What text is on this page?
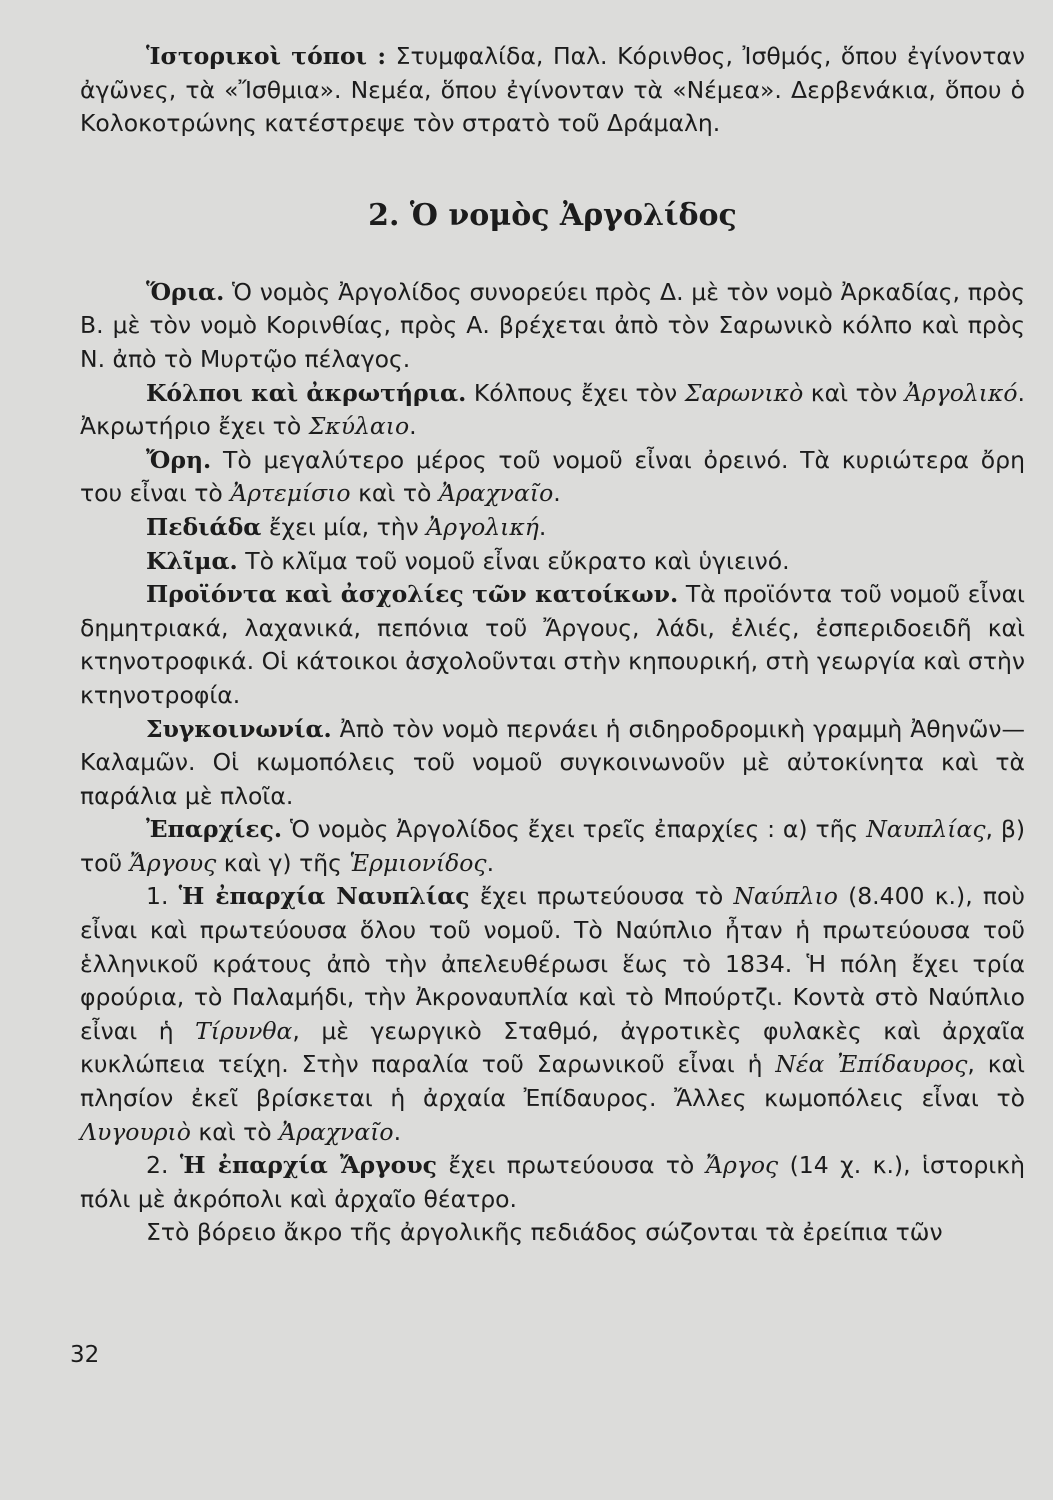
Ἱστορικοὶ τόποι : Στυμφαλίδα, Παλ. Κόρινθος, Ἰσθμός, ὅπου ἐγίνονταν ἀγῶνες, τὰ «Ἴσθμια». Νεμέα, ὅπου ἐγίνονταν τὰ «Νέμεα». Δερβενάκια, ὅπου ὁ Κολοκοτρώνης κατέστρεψε τὸν στρατὸ τοῦ Δράμαλη.

2. Ὁ νομὸς Ἀργολίδος

Ὅρια. Ὁ νομὸς Ἀργολίδος συνορεύει πρὸς Δ. μὲ τὸν νομὸ Ἀρκαδίας, πρὸς Β. μὲ τὸν νομὸ Κορινθίας, πρὸς Α. βρέχεται ἀπὸ τὸν Σαρωνικὸ κόλπο καὶ πρὸς Ν. ἀπὸ τὸ Μυρτῷο πέλαγος.

Κόλποι καὶ ἀκρωτήρια. Κόλπους ἔχει τὸν Σαρωνικὸ καὶ τὸν Ἀργολικό. Ἀκρωτήριο ἔχει τὸ Σκύλαιο.

Ὄρη. Τὸ μεγαλύτερο μέρος τοῦ νομοῦ εἶναι ὀρεινό. Τὰ κυριώτερα ὄρη του εἶναι τὸ Ἀρτεμίσιο καὶ τὸ Ἀραχναῖο.

Πεδιάδα ἔχει μία, τὴν Ἀργολική.

Κλῖμα. Τὸ κλῖμα τοῦ νομοῦ εἶναι εὔκρατο καὶ ὑγιεινό.

Προϊόντα καὶ ἀσχολίες τῶν κατοίκων. Τὰ προϊόντα τοῦ νομοῦ εἶναι δημητριακά, λαχανικά, πεπόνια τοῦ Ἄργους, λάδι, ἐλιές, ἐσπεριδοειδῆ καὶ κτηνοτροφικά. Οἱ κάτοικοι ἀσχολοῦνται στὴν κηπουρική, στὴ γεωργία καὶ στὴν κτηνοτροφία.

Συγκοινωνία. Ἀπὸ τὸν νομὸ περνάει ἡ σιδηροδρομικὴ γραμμὴ Ἀθηνῶν—Καλαμῶν. Οἱ κωμοπόλεις τοῦ νομοῦ συγκοινωνοῦν μὲ αὐτοκίνητα καὶ τὰ παράλια μὲ πλοῖα.

Ἐπαρχίες. Ὁ νομὸς Ἀργολίδος ἔχει τρεῖς ἐπαρχίες : α) τῆς Ναυπλίας, β) τοῦ Ἄργους καὶ γ) τῆς Ἑρμιονίδος.

1. Ἡ ἐπαρχία Ναυπλίας ἔχει πρωτεύουσα τὸ Ναύπλιο (8.400 κ.), ποὺ εἶναι καὶ πρωτεύουσα ὅλου τοῦ νομοῦ. Τὸ Ναύπλιο ἦταν ἡ πρωτεύουσα τοῦ ἑλληνικοῦ κράτους ἀπὸ τὴν ἀπελευθέρωσι ἕως τὸ 1834. Ἡ πόλη ἔχει τρία φρούρια, τὸ Παλαμήδι, τὴν Ἀκροναυπλία καὶ τὸ Μπούρτζι. Κοντὰ στὸ Ναύπλιο εἶναι ἡ Τίρυνθα, μὲ γεωργικὸ Σταθμό, ἀγροτικὲς φυλακὲς καὶ ἀρχαῖα κυκλώπεια τείχη. Στὴν παραλία τοῦ Σαρωνικοῦ εἶναι ἡ Νέα Ἐπίδαυρος, καὶ πλησίον ἐκεῖ βρίσκεται ἡ ἀρχαία Ἐπίδαυρος. Ἄλλες κωμοπόλεις εἶναι τὸ Λυγουριὸ καὶ τὸ Ἀραχναῖο.

2. Ἡ ἐπαρχία Ἄργους ἔχει πρωτεύουσα τὸ Ἄργος (14 χ. κ.), ἱστορικὴ πόλι μὲ ἀκρόπολι καὶ ἀρχαῖο θέατρο.

Στὸ βόρειο ἄκρο τῆς ἀργολικῆς πεδιάδος σώζονται τὰ ἐρείπια τῶν

32
